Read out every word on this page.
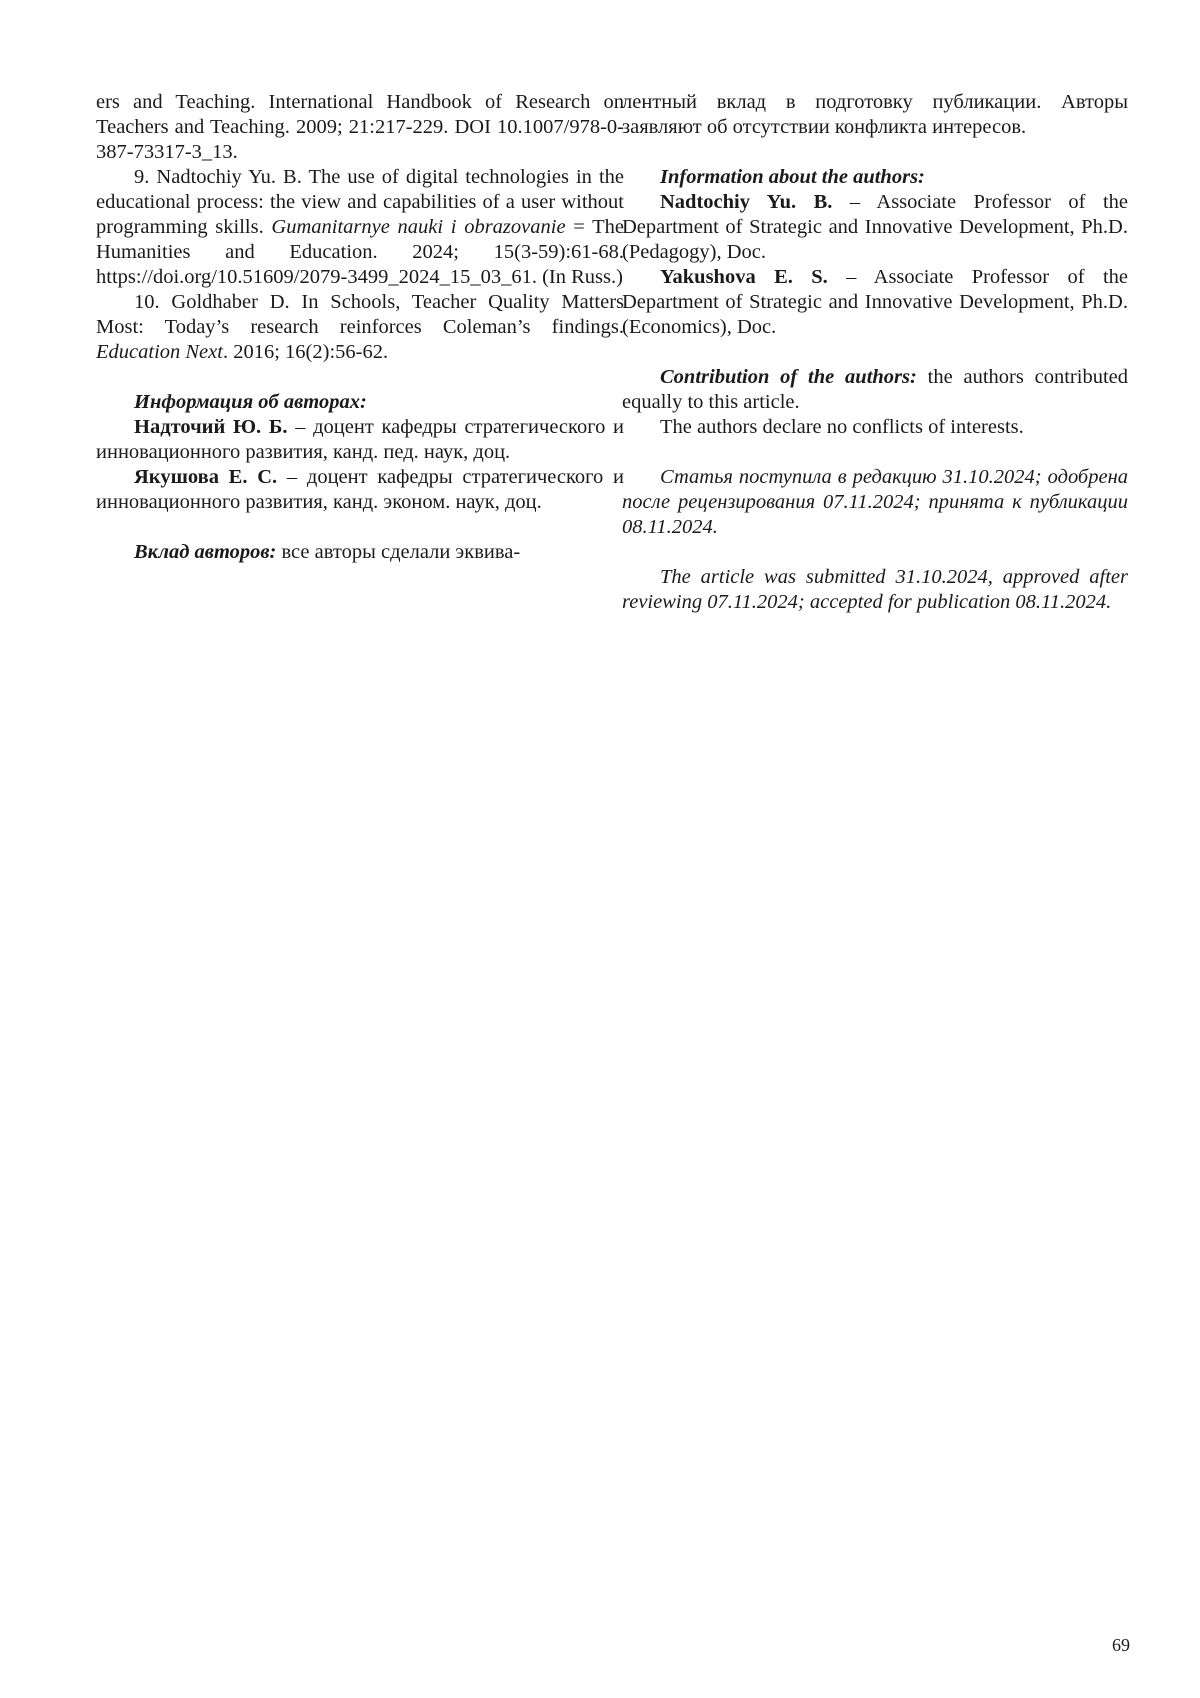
ers and Teaching. International Handbook of Research on Teachers and Teaching. 2009; 21:217-229. DOI 10.1007/978-0-387-73317-3_13.

9. Nadtochiy Yu. B. The use of digital technologies in the educational process: the view and capabilities of a user without programming skills. Gumanitarnye nauki i obrazovanie = The Humanities and Education. 2024; 15(3-59):61-68. https://doi.org/10.51609/2079-3499_2024_15_03_61. (In Russ.)

10. Goldhaber D. In Schools, Teacher Quality Matters Most: Today’s research reinforces Coleman’s findings. Education Next. 2016; 16(2):56-62.

Информация об авторах:

Надточий Ю. Б. – доцент кафедры стратегического и инновационного развития, канд. пед. наук, доц.

Якушова Е. С. – доцент кафедры стратегического и инновационного развития, канд. эконом. наук, доц.

Вклад авторов: все авторы сделали эквива-

лентный вклад в подготовку публикации. Авторы заявляют об отсутствии конфликта интересов.

Information about the authors:

Nadtochiy Yu. B. – Associate Professor of the Department of Strategic and Innovative Development, Ph.D. (Pedagogy), Doc.

Yakushova E. S. – Associate Professor of the Department of Strategic and Innovative Development, Ph.D. (Economics), Doc.

Contribution of the authors: the authors contributed equally to this article.

The authors declare no conflicts of interests.

Статья поступила в редакцию 31.10.2024; одобрена после рецензирования 07.11.2024; принята к публикации 08.11.2024.

The article was submitted 31.10.2024, approved after reviewing 07.11.2024; accepted for publication 08.11.2024.

69
